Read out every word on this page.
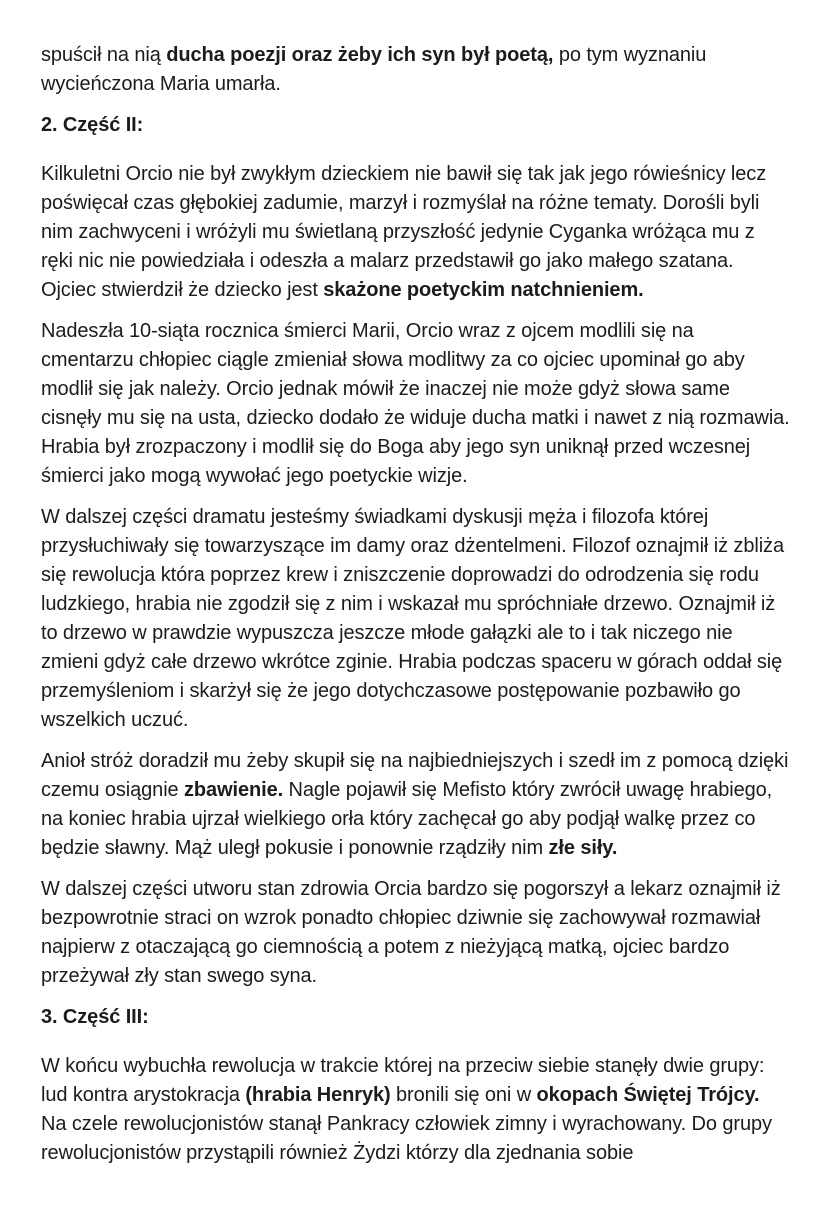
spuścił na nią ducha poezji oraz żeby ich syn był poetą, po tym wyznaniu wycieńczona Maria umarła.

2. Część II:

Kilkuletni Orcio nie był zwykłym dzieckiem nie bawił się tak jak jego rówieśnicy lecz poświęcał czas głębokiej zadumie, marzył i rozmyślał na różne tematy. Dorośli byli nim zachwyceni i wróżyli mu świetlaną przyszłość jedynie Cyganka wróżąca mu z ręki nic nie powiedziała i odeszła a malarz przedstawił go jako małego szatana. Ojciec stwierdził że dziecko jest skażone poetyckim natchnieniem.

Nadeszła 10-siąta rocznica śmierci Marii, Orcio wraz z ojcem modlili się na cmentarzu chłopiec ciągle zmieniał słowa modlitwy za co ojciec upominał go aby modlił się jak należy. Orcio jednak mówił że inaczej nie może gdyż słowa same cisnęły mu się na usta, dziecko dodało że widuje ducha matki i nawet z nią rozmawia. Hrabia był zrozpaczony i modlił się do Boga aby jego syn uniknął przed wczesnej śmierci jako mogą wywołać jego poetyckie wizje.

W dalszej części dramatu jesteśmy świadkami dyskusji męża i filozofa której przysłuchiwały się towarzyszące im damy oraz dżentelmeni. Filozof oznajmił iż zbliża się rewolucja która poprzez krew i zniszczenie doprowadzi do odrodzenia się rodu ludzkiego, hrabia nie zgodził się z nim i wskazał mu spróchniałe drzewo. Oznajmił iż to drzewo w prawdzie wypuszcza jeszcze młode gałązki ale to i tak niczego nie zmieni gdyż całe drzewo wkrótce zginie. Hrabia podczas spaceru w górach oddał się przemyśleniom i skarżył się że jego dotychczasowe postępowanie pozbawiło go wszelkich uczuć.

Anioł stróż doradził mu żeby skupił się na najbiedniejszych i szedł im z pomocą dzięki czemu osiągnie zbawienie. Nagle pojawił się Mefisto który zwrócił uwagę hrabiego, na koniec hrabia ujrzał wielkiego orła który zachęcał go aby podjął walkę przez co będzie sławny. Mąż uległ pokusie i ponownie rządziły nim złe siły.

W dalszej części utworu stan zdrowia Orcia bardzo się pogorszył a lekarz oznajmił iż bezpowrotnie straci on wzrok ponadto chłopiec dziwnie się zachowywał rozmawiał najpierw z otaczającą go ciemnością a potem z nieżyjącą matką, ojciec bardzo przeżywał zły stan swego syna.

3. Część III:

W końcu wybuchła rewolucja w trakcie której na przeciw siebie stanęły dwie grupy: lud kontra arystokracja (hrabia Henryk) bronili się oni w okopach Świętej Trójcy. Na czele rewolucjonistów stanął Pankracy człowiek zimny i wyrachowany. Do grupy rewolucjonistów przystąpili również Żydzi którzy dla zjednania sobie
